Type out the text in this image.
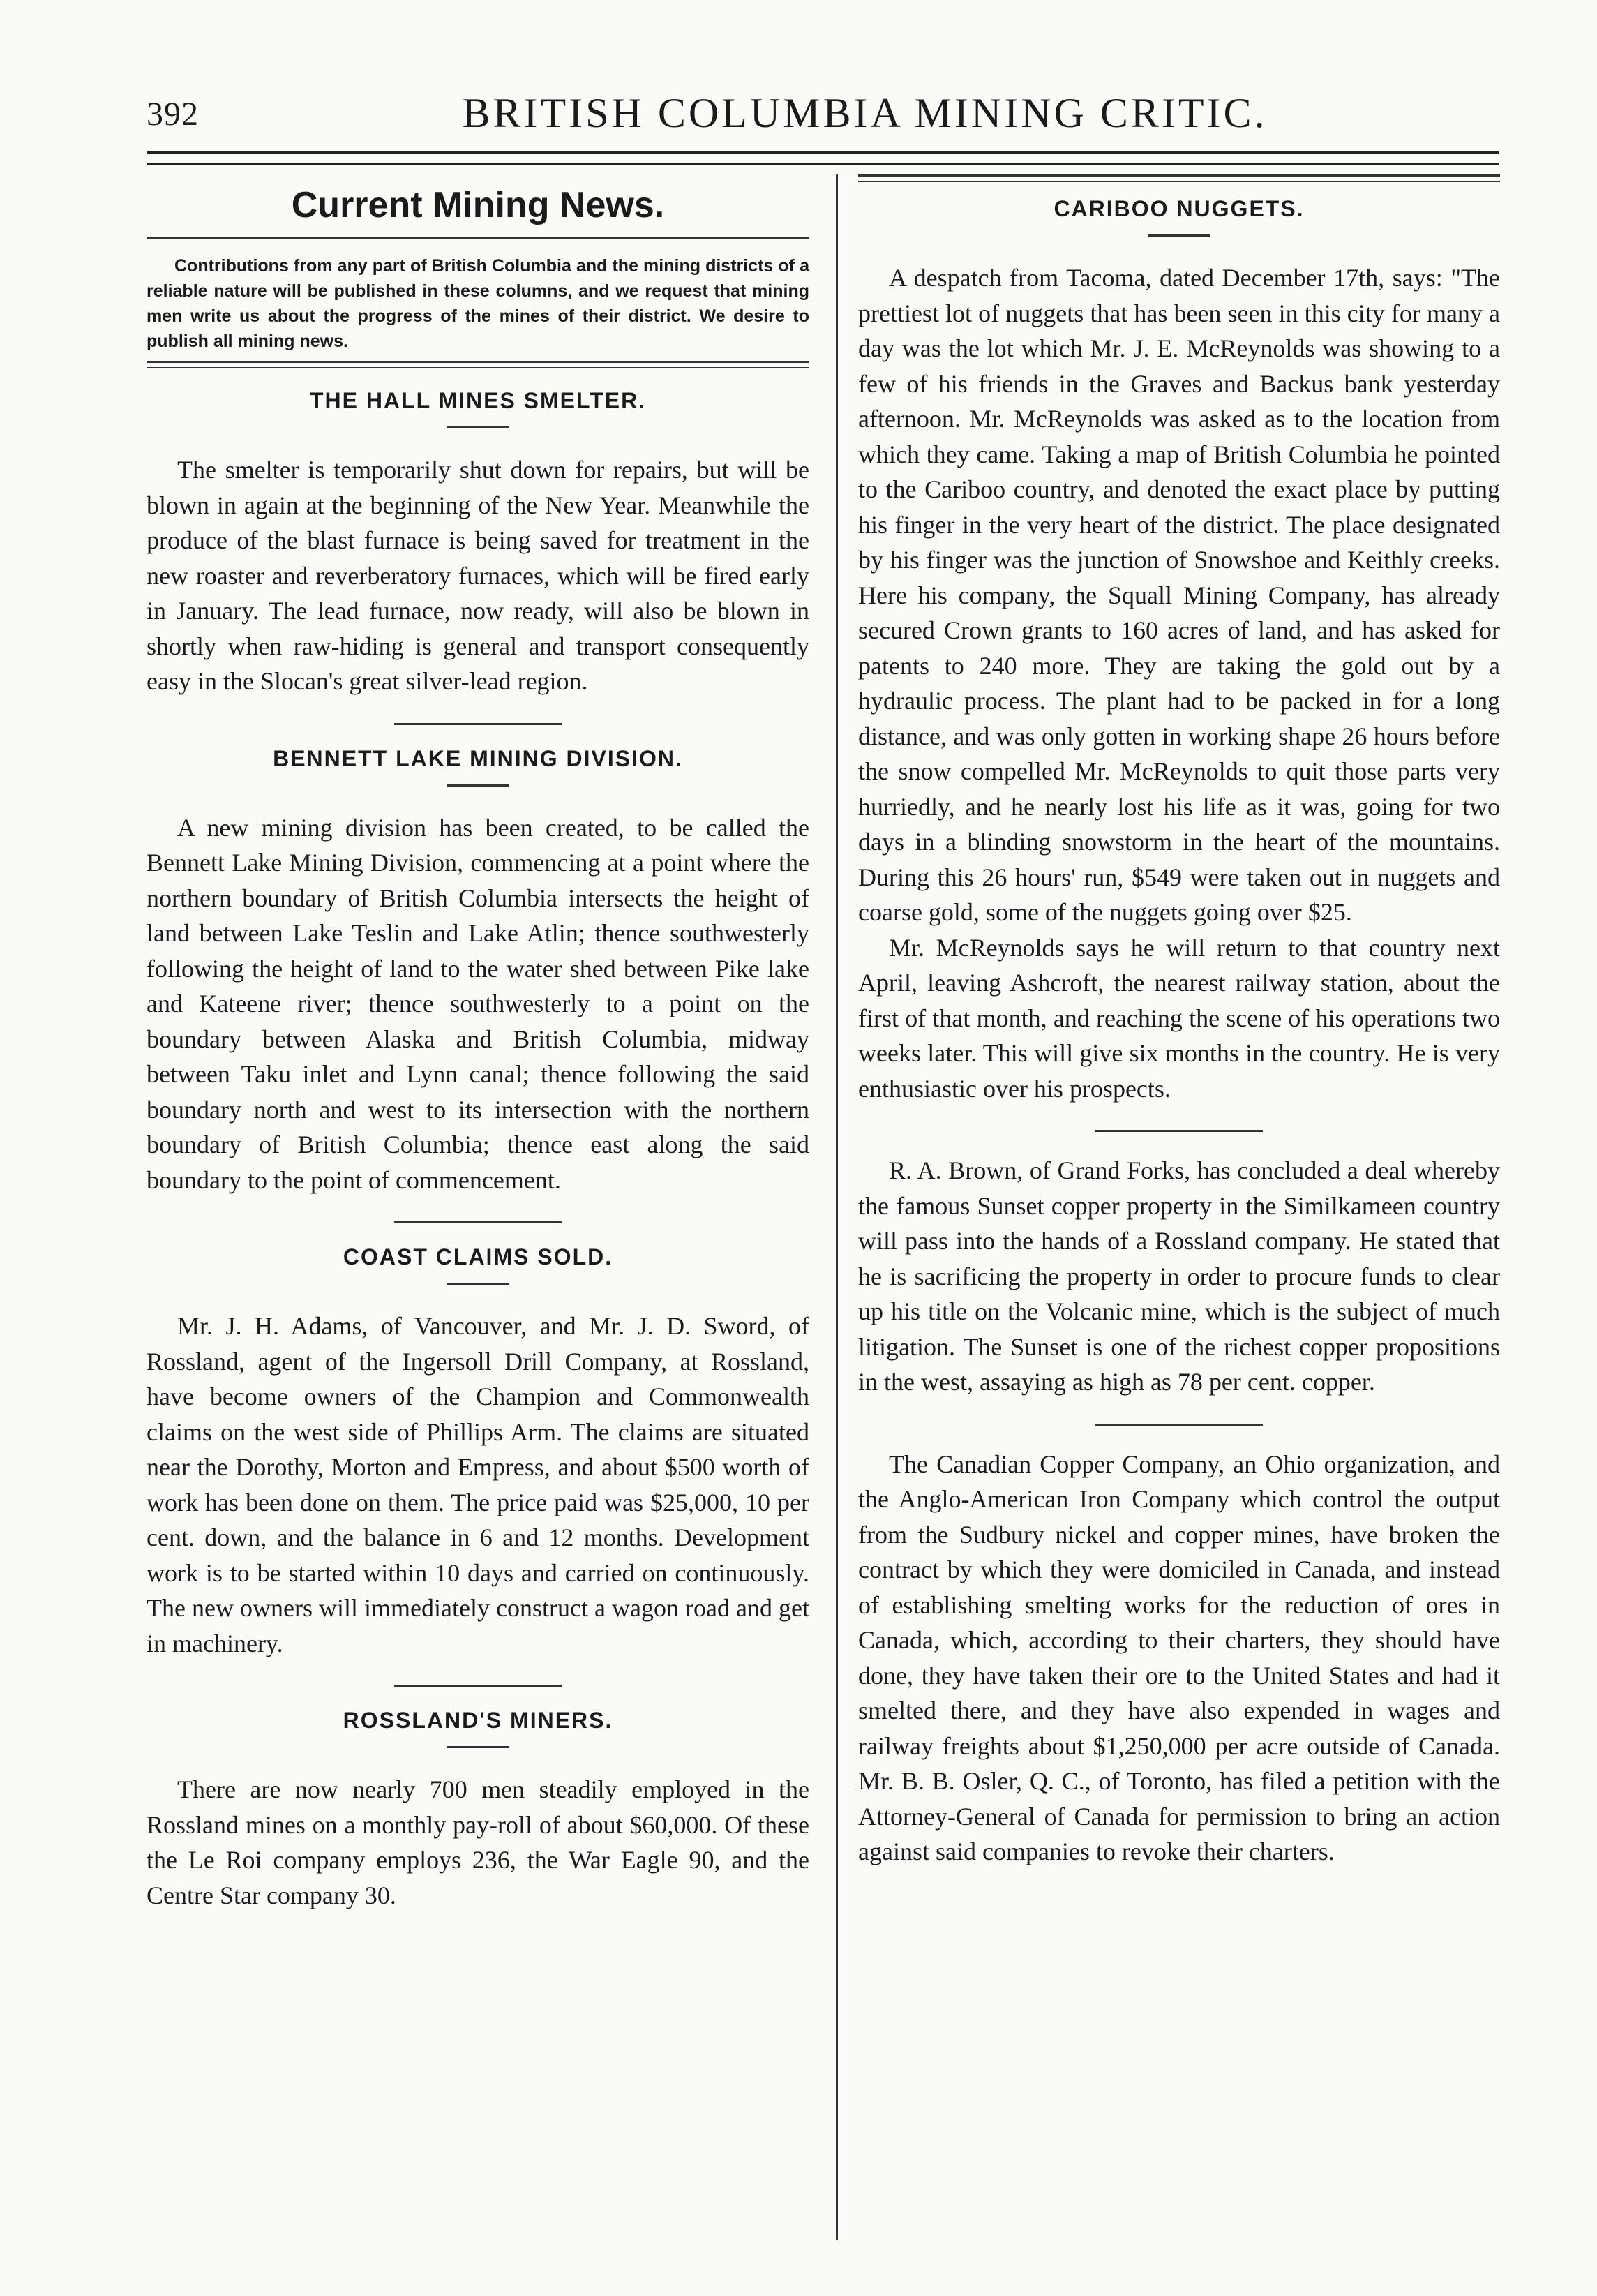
392	BRITISH COLUMBIA MINING CRITIC.
Current Mining News.

Contributions from any part of British Columbia and the mining districts of a reliable nature will be published in these columns, and we request that mining men write us about the progress of the mines of their district. We desire to publish all mining news.

THE HALL MINES SMELTER.

The smelter is temporarily shut down for repairs, but will be blown in again at the beginning of the New Year. Meanwhile the produce of the blast furnace is being saved for treatment in the new roaster and reverberatory furnaces, which will be fired early in January. The lead furnace, now ready, will also be blown in shortly when raw-hiding is general and transport consequently easy in the Slocan's great silver-lead region.

BENNETT LAKE MINING DIVISION.

A new mining division has been created, to be called the Bennett Lake Mining Division, commencing at a point where the northern boundary of British Columbia intersects the height of land between Lake Teslin and Lake Atlin; thence southwesterly following the height of land to the water shed between Pike lake and Kateene river; thence southwesterly to a point on the boundary between Alaska and British Columbia, midway between Taku inlet and Lynn canal; thence following the said boundary north and west to its intersection with the northern boundary of British Columbia; thence east along the said boundary to the point of commencement.

COAST CLAIMS SOLD.

Mr. J. H. Adams, of Vancouver, and Mr. J. D. Sword, of Rossland, agent of the Ingersoll Drill Company, at Rossland, have become owners of the Champion and Commonwealth claims on the west side of Phillips Arm. The claims are situated near the Dorothy, Morton and Empress, and about $500 worth of work has been done on them. The price paid was $25,000, 10 per cent. down, and the balance in 6 and 12 months. Development work is to be started within 10 days and carried on continuously. The new owners will immediately construct a wagon road and get in machinery.

ROSSLAND'S MINERS.

There are now nearly 700 men steadily employed in the Rossland mines on a monthly pay-roll of about $60,000. Of these the Le Roi company employs 236, the War Eagle 90, and the Centre Star company 30.

CARIBOO NUGGETS.

A despatch from Tacoma, dated December 17th, says: "The prettiest lot of nuggets that has been seen in this city for many a day was the lot which Mr. J. E. McReynolds was showing to a few of his friends in the Graves and Backus bank yesterday afternoon. Mr. McReynolds was asked as to the location from which they came. Taking a map of British Columbia he pointed to the Cariboo country, and denoted the exact place by putting his finger in the very heart of the district. The place designated by his finger was the junction of Snowshoe and Keithly creeks. Here his company, the Squall Mining Company, has already secured Crown grants to 160 acres of land, and has asked for patents to 240 more. They are taking the gold out by a hydraulic process. The plant had to be packed in for a long distance, and was only gotten in working shape 26 hours before the snow compelled Mr. McReynolds to quit those parts very hurriedly, and he nearly lost his life as it was, going for two days in a blinding snowstorm in the heart of the mountains. During this 26 hours' run, $549 were taken out in nuggets and coarse gold, some of the nuggets going over $25.

Mr. McReynolds says he will return to that country next April, leaving Ashcroft, the nearest railway station, about the first of that month, and reaching the scene of his operations two weeks later. This will give six months in the country. He is very enthusiastic over his prospects.

R. A. Brown, of Grand Forks, has concluded a deal whereby the famous Sunset copper property in the Similkameen country will pass into the hands of a Rossland company. He stated that he is sacrificing the property in order to procure funds to clear up his title on the Volcanic mine, which is the subject of much litigation. The Sunset is one of the richest copper propositions in the west, assaying as high as 78 per cent. copper.

The Canadian Copper Company, an Ohio organization, and the Anglo-American Iron Company which control the output from the Sudbury nickel and copper mines, have broken the contract by which they were domiciled in Canada, and instead of establishing smelting works for the reduction of ores in Canada, which, according to their charters, they should have done, they have taken their ore to the United States and had it smelted there, and they have also expended in wages and railway freights about $1,250,000 per acre outside of Canada. Mr. B. B. Osler, Q. C., of Toronto, has filed a petition with the Attorney-General of Canada for permission to bring an action against said companies to revoke their charters.
